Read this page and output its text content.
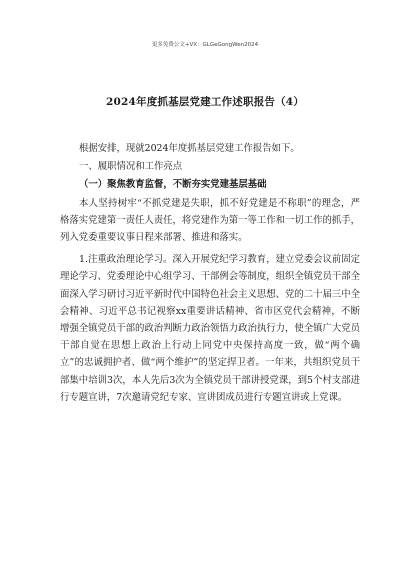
更多免费公文+VX：GLGeGongWen2024
2024年度抓基层党建工作述职报告（4）

根据安排，现就2024年度抓基层党建工作报告如下。

一、履职情况和工作亮点

（一）聚焦教育监督，不断夯实党建基层基础

本人坚持树牢“不抓党建是失职，抓不好党建是不称职”的理念，严格落实党建第一责任人责任，将党建作为第一等工作和一切工作的抓手，列入党委重要议事日程来部署、推进和落实。

1.注重政治理论学习。深入开展党纪学习教育，建立党委会议前固定理论学习、党委理论中心组学习、干部例会等制度，组织全镇党员干部全面深入学习研讨习近平新时代中国特色社会主义思想、党的二十届三中全会精神、习近平总书记视察xx重要讲话精神、省市区党代会精神，不断增强全镇党员干部的政治判断力政治领悟力政治执行力，使全镇广大党员干部自觉在思想上政治上行动上同党中央保持高度一致，做“两个确立”的忠诚拥护者、做“两个维护”的坚定捍卫者。一年来，共组织党员干部集中培训3次，本人先后3次为全镇党员干部讲授党课，到5个村支部进行专题宣讲，7次邀请党纪专家、宣讲团成员进行专题宣讲或上党课。
